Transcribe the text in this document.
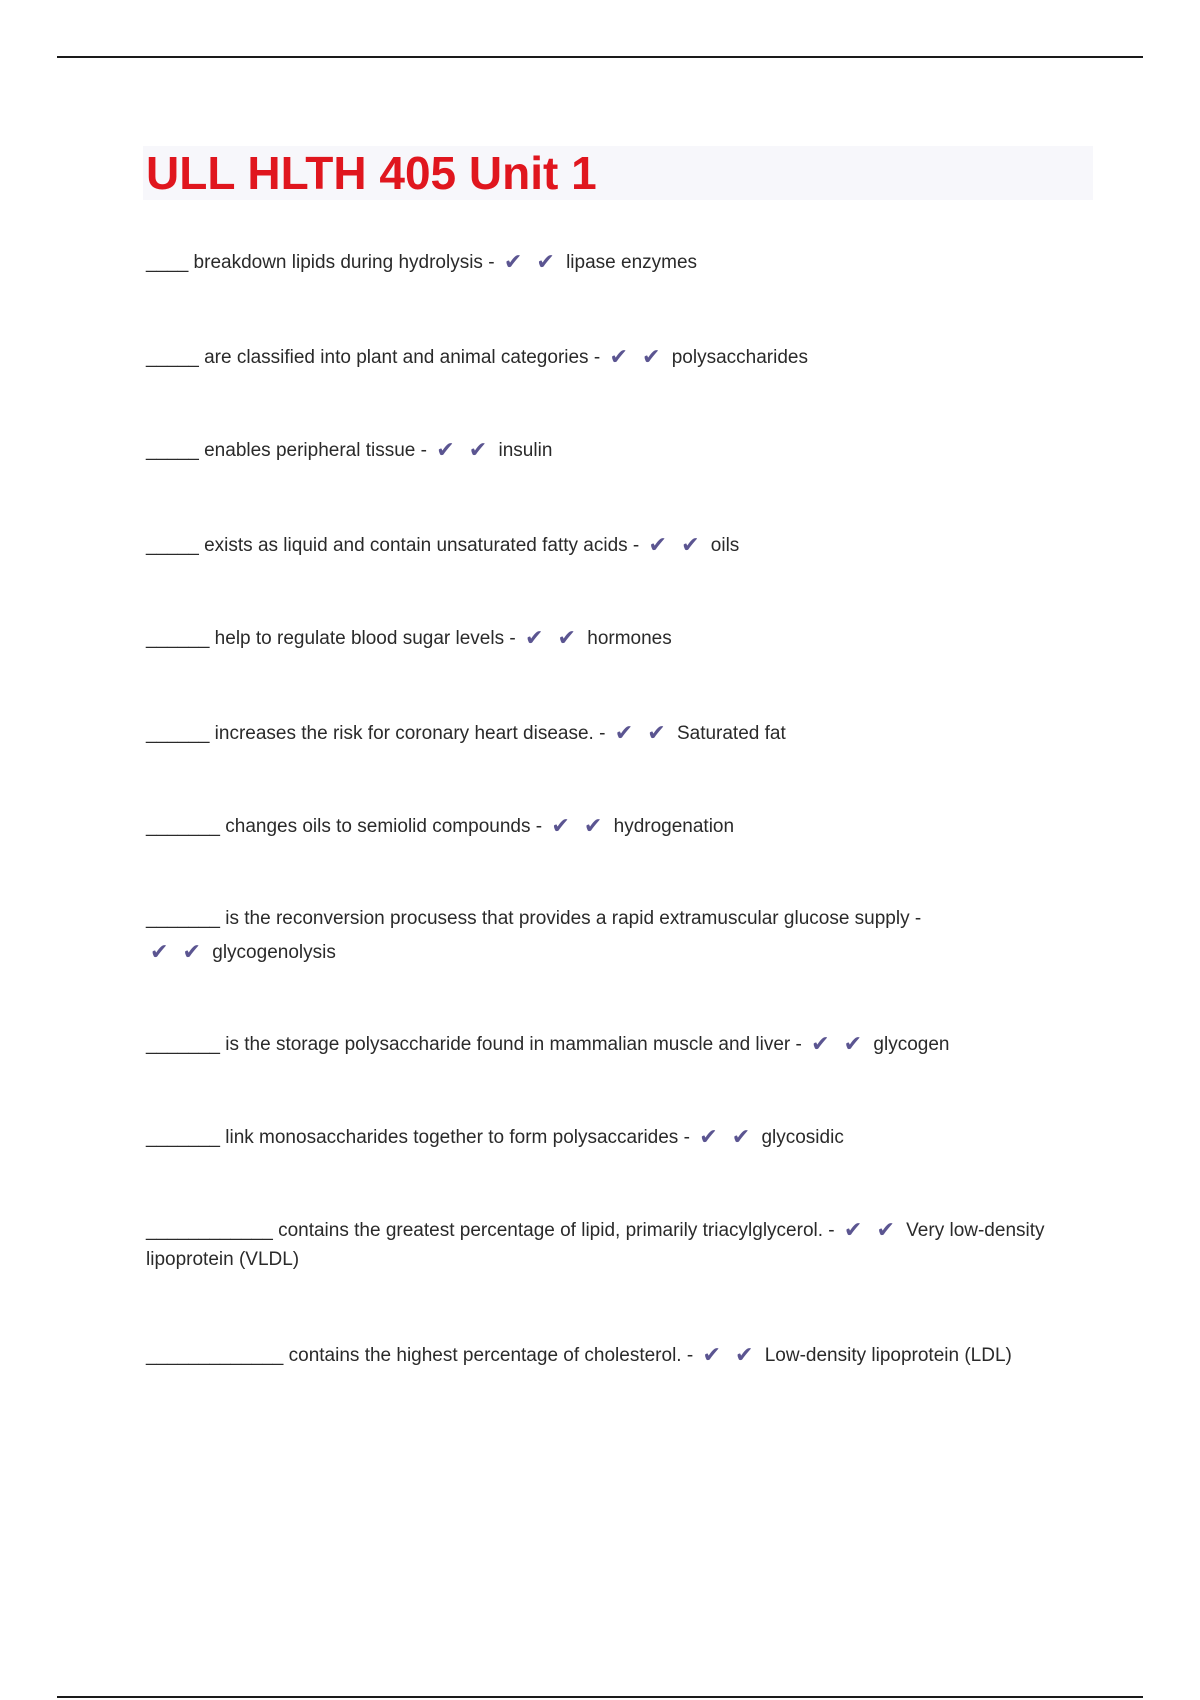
ULL HLTH 405 Unit 1
____ breakdown lipids during hydrolysis - ✔ ✔ lipase enzymes
_____ are classified into plant and animal categories - ✔ ✔ polysaccharides
_____ enables peripheral tissue - ✔ ✔ insulin
_____ exists as liquid and contain unsaturated fatty acids - ✔ ✔ oils
______ help to regulate blood sugar levels - ✔ ✔ hormones
______ increases the risk for coronary heart disease. - ✔ ✔ Saturated fat
_______ changes oils to semiolid compounds - ✔ ✔ hydrogenation
_______ is the reconversion procusess that provides a rapid extramuscular glucose supply - ✔ ✔ glycogenolysis
_______ is the storage polysaccharide found in mammalian muscle and liver - ✔ ✔ glycogen
_______ link monosaccharides together to form polysaccarides - ✔ ✔ glycosidic
____________ contains the greatest percentage of lipid, primarily triacylglycerol. - ✔ ✔ Very low-density lipoprotein (VLDL)
_____________ contains the highest percentage of cholesterol. - ✔ ✔ Low-density lipoprotein (LDL)
